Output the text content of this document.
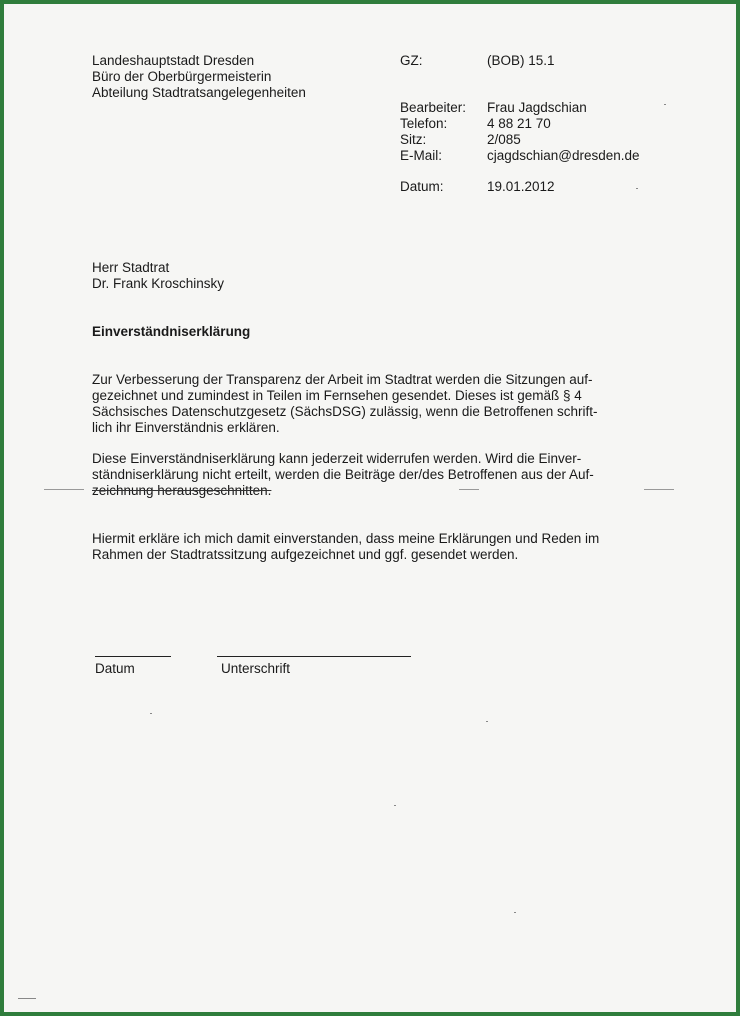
Landeshauptstadt Dresden
Büro der Oberbürgermeisterin
Abteilung Stadtratsangelegenheiten
GZ:	(BOB) 15.1
Bearbeiter: Frau Jagdschian
Telefon:	4 88 21 70
Sitz:	2/085
E-Mail:	cjagdschian@dresden.de
Datum:	19.01.2012
Herr Stadtrat
Dr. Frank Kroschinsky
Einverständniserklärung
Zur Verbesserung der Transparenz der Arbeit im Stadtrat werden die Sitzungen auf-
gezeichnet und zumindest in Teilen im Fernsehen gesendet. Dieses ist gemäß § 4
Sächsisches Datenschutzgesetz (SächsDSG) zulässig, wenn die Betroffenen schrift-
lich ihr Einverständnis erklären.
Diese Einverständniserklärung kann jederzeit widerrufen werden. Wird die Einver-
ständniserklärung nicht erteilt, werden die Beiträge der/des Betroffenen aus der Auf-
zeichnung herausgeschnitten.
Hiermit erkläre ich mich damit einverstanden, dass meine Erklärungen und Reden im
Rahmen der Stadtratssitzung aufgezeichnet und ggf. gesendet werden.
Datum	Unterschrift
